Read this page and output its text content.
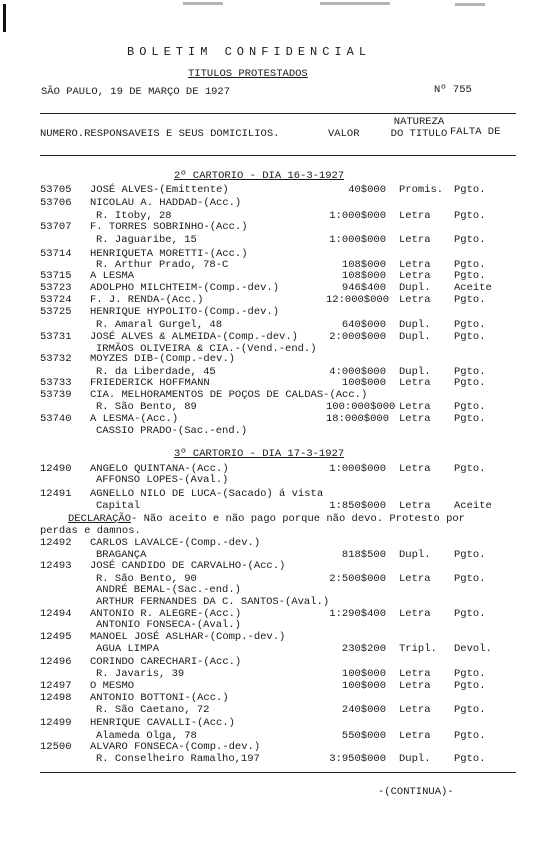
BOLETIM CONFIDENCIAL
TITULOS PROTESTADOS
SÃO PAULO, 19 DE MARÇO DE 1927	Nº 755
NUMERO.RESPONSAVEIS E SEUS DOMICILIOS.	VALOR
NATUREZA DO TITULO FALTA DE
2º CARTORIO - DIA 16-3-1927
3º CARTORIO - DIA 17-3-1927
53705 JOSÉ ALVES-(Emittente)	40$000 Promis. Pgto.
53706 NICOLAU A. HADDAD-(Acc.)
R. Itoby, 28	1:000$000 Letra Pgto.
53707 F. TORRES SOBRINHO-(Acc.)
R. Jaguaribe, 15	1:000$000 Letra Pgto.
53714 HENRIQUETA MORETTI-(Acc.)
R. Arthur Prado, 78-C	108$000 Letra Pgto.
53715 A LESMA	108$000 Letra Pgto.
53723 ADOLPHO MILCHTEIM-(Comp.-dev.)	946$400 Dupl. Aceite
53724 F. J. RENDA-(Acc.)	12:000$000 Letra Pgto.
53725 HENRIQUE HYPOLITO-(Comp.-dev.)
R. Amaral Gurgel, 48	640$000 Dupl. Pgto.
53731 JOSÉ ALVES & ALMEIDA-(Comp.-dev.)	2:000$000 Dupl. Pgto.
IRMÃOS OLIVEIRA & CIA.-(Vend.-end.)
53732 MOYZES DIB-(Comp.-dev.)
R. da Liberdade, 45	4:000$000 Dupl. Pgto.
53733 FRIEDERICK HOFFMANN	100$000 Letra Pgto.
53739 CIA. MELHORAMENTOS DE POÇOS DE CALDAS-(Acc.)
R. São Bento, 89	100:000$000 Letra Pgto.
53740 A LESMA-(Acc.)	18:000$000 Letra Pgto.
CASSIO PRADO-(Sac.-end.)
12490 ANGELO QUINTANA-(Acc.)	1:000$000 Letra Pgto.
AFFONSO LOPES-(Aval.)
12491 AGNELLO NILO DE LUCA-(Sacado) á vista
Capital	1:850$000 Letra Aceite
12492 CARLOS LAVALCE-(Comp.-dev.)
BRAGANÇA	818$500 Dupl. Pgto.
12493 JOSÉ CANDIDO DE CARVALHO-(Acc.)
R. São Bento, 90	2:500$000 Letra Pgto.
ANDRÉ BEMAL-(Sac.-end.)
ARTHUR FERNANDES DA C. SANTOS-(Aval.)
12494 ANTONIO R. ALEGRE-(Acc.)	1:290$400 Letra Pgto.
ANTONIO FONSECA-(Aval.)
12495 MANOEL JOSÉ ASLHAR-(Comp.-dev.)
AGUA LIMPA	230$200 Tripl. Devol.
12496 CORINDO CARECHARI-(Acc.)
R. Javaris, 39	100$000 Letra Pgto.
12497 O MESMO	100$000 Letra Pgto.
12498 ANTONIO BOTTONI-(Acc.)
R. São Caetano, 72	240$000 Letra Pgto.
12499 HENRIQUE CAVALLI-(Acc.)
Alameda Olga, 78	550$000 Letra Pgto.
12500 ALVARO FONSECA-(Comp.-dev.)
R. Conselheiro Ramalho,197	3:950$000 Dupl. Pgto.
DECLARAÇÃO- Não aceito e não pago porque não devo. Protesto por
perdas e damnos.
-(CONTINUA)-
